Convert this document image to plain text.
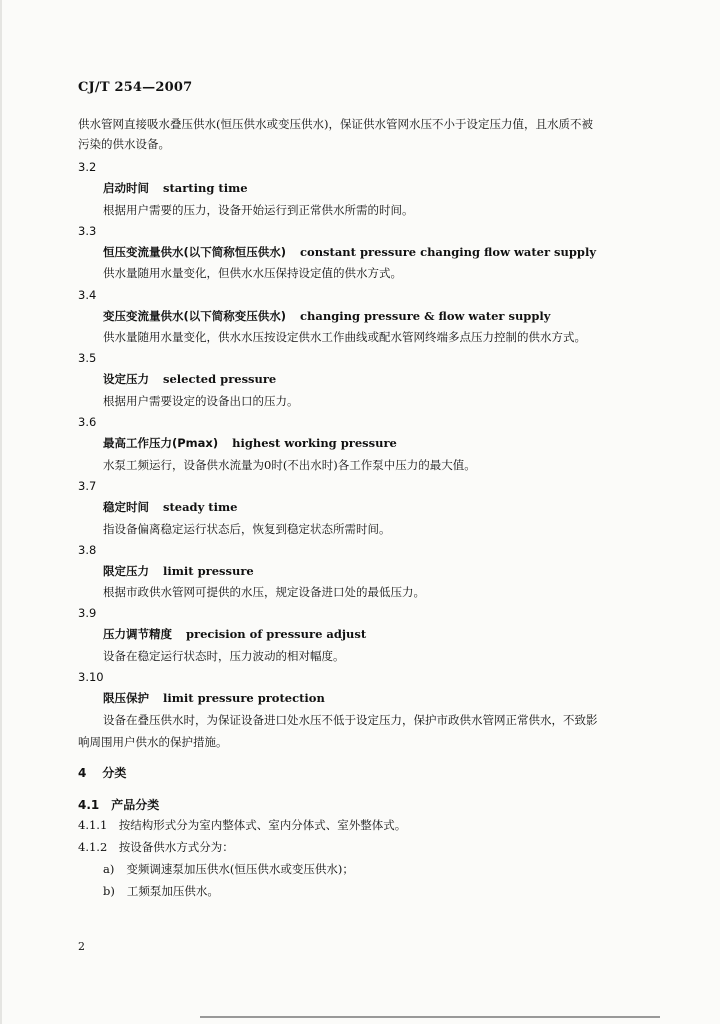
CJ/T 254—2007
供水管网直接吸水叠压供水(恒压供水或变压供水)，保证供水管网水压不小于设定压力值，且水质不被
污染的供水设备。
3.2
启动时间 starting time
根据用户需要的压力，设备开始运行到正常供水所需的时间。
3.3
恒压变流量供水(以下简称恒压供水) constant pressure changing flow water supply
供水量随用水量变化，但供水水压保持设定值的供水方式。
3.4
变压变流量供水(以下简称变压供水) changing pressure & flow water supply
供水量随用水量变化，供水水压按设定供水工作曲线或配水管网终端多点压力控制的供水方式。
3.5
设定压力 selected pressure
根据用户需要设定的设备出口的压力。
3.6
最高工作压力(Pmax) highest working pressure
水泵工频运行，设备供水流量为0时(不出水时)各工作泵中压力的最大值。
3.7
稳定时间 steady time
指设备偏离稳定运行状态后，恢复到稳定状态所需时间。
3.8
限定压力 limit pressure
根据市政供水管网可提供的水压，规定设备进口处的最低压力。
3.9
压力调节精度 precision of pressure adjust
设备在稳定运行状态时，压力波动的相对幅度。
3.10
限压保护 limit pressure protection
设备在叠压供水时，为保证设备进口处水压不低于设定压力，保护市政供水管网正常供水，不致影
响周围用户供水的保护措施。
4 分类
4.1 产品分类
4.1.1　按结构形式分为室内整体式、室内分体式、室外整体式。
4.1.2　按设备供水方式分为：
a) 变频调速泵加压供水(恒压供水或变压供水)；
b) 工频泵加压供水。
2
